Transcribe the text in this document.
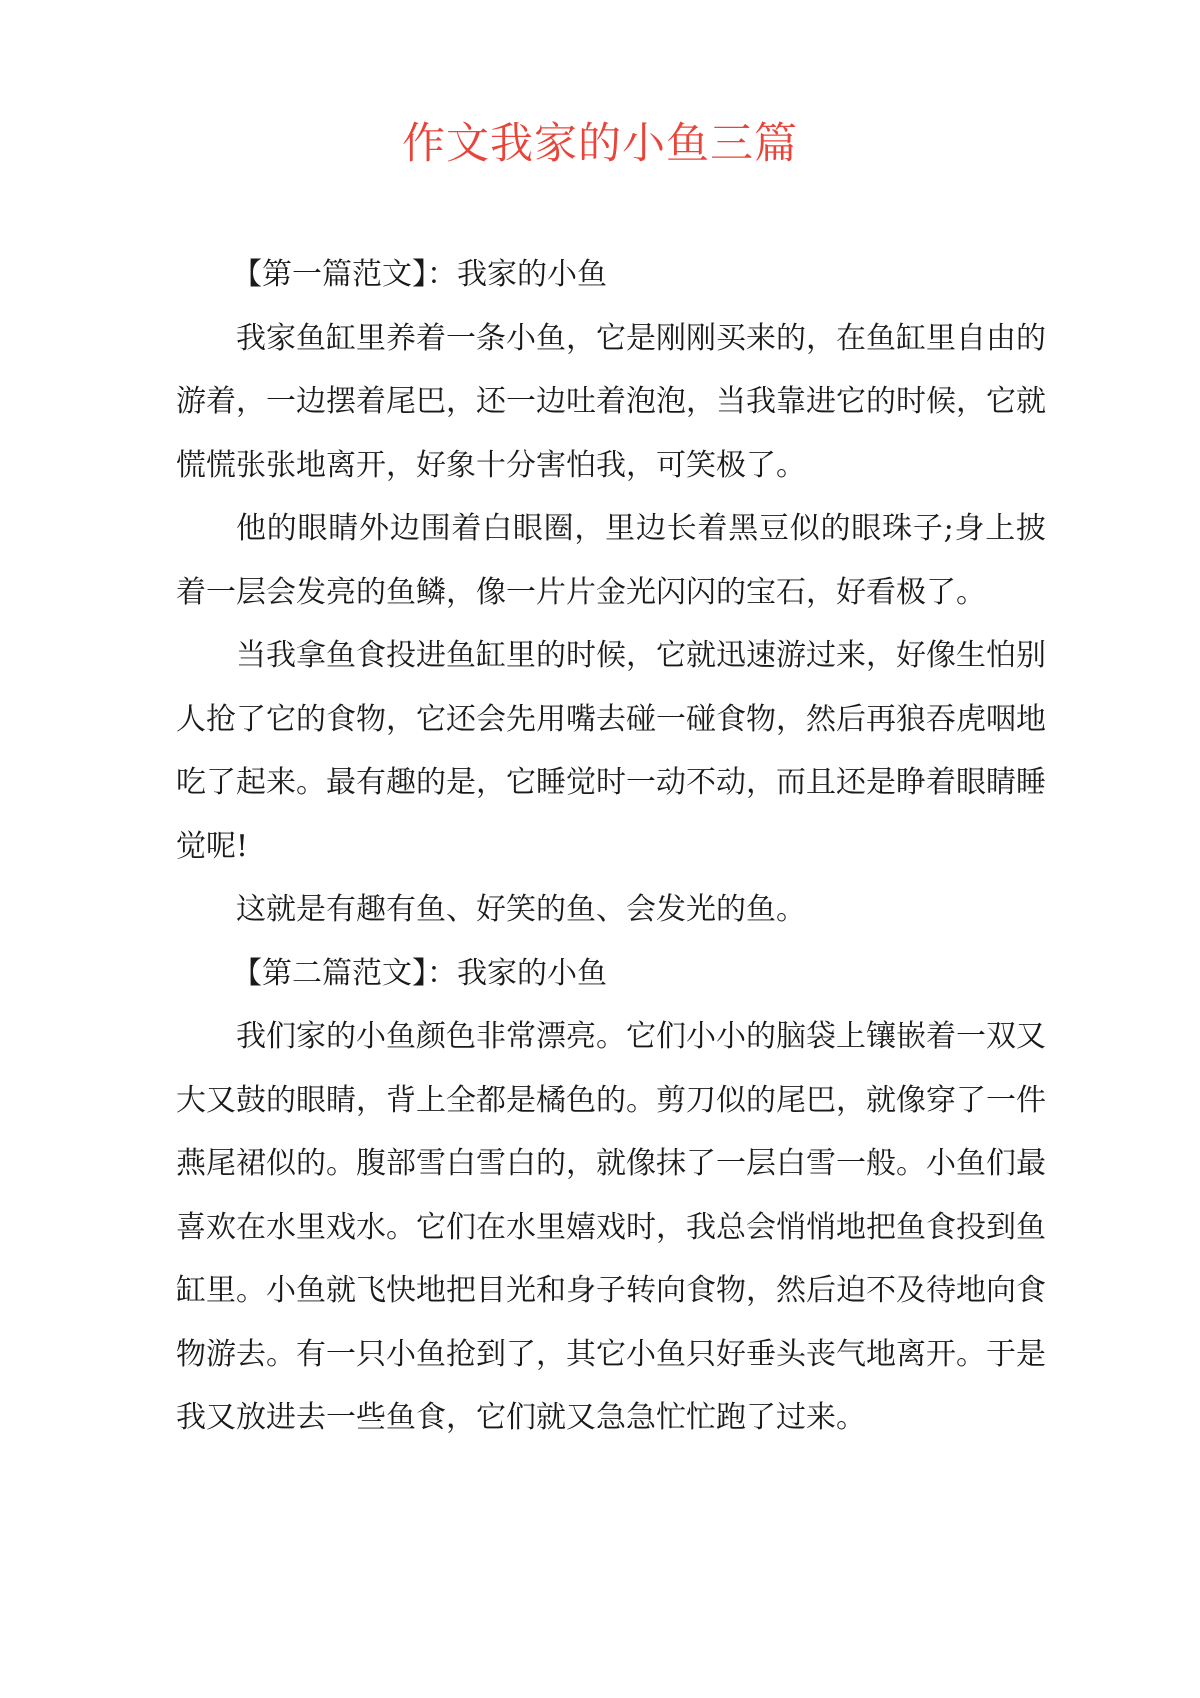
作文我家的小鱼三篇

【第一篇范文】：我家的小鱼

我家鱼缸里养着一条小鱼，它是刚刚买来的，在鱼缸里自由的游着，一边摆着尾巴，还一边吐着泡泡，当我靠进它的时候，它就慌慌张张地离开，好象十分害怕我，可笑极了。

他的眼睛外边围着白眼圈，里边长着黑豆似的眼珠子;身上披着一层会发亮的鱼鳞，像一片片金光闪闪的宝石，好看极了。

当我拿鱼食投进鱼缸里的时候，它就迅速游过来，好像生怕别人抢了它的食物，它还会先用嘴去碰一碰食物，然后再狼吞虎咽地吃了起来。最有趣的是，它睡觉时一动不动，而且还是睁着眼睛睡觉呢!

这就是有趣有鱼、好笑的鱼、会发光的鱼。

【第二篇范文】：我家的小鱼

我们家的小鱼颜色非常漂亮。它们小小的脑袋上镶嵌着一双又大又鼓的眼睛，背上全都是橘色的。剪刀似的尾巴，就像穿了一件燕尾裙似的。腹部雪白雪白的，就像抹了一层白雪一般。小鱼们最喜欢在水里戏水。它们在水里嬉戏时，我总会悄悄地把鱼食投到鱼缸里。小鱼就飞快地把目光和身子转向食物，然后迫不及待地向食物游去。有一只小鱼抢到了，其它小鱼只好垂头丧气地离开。于是我又放进去一些鱼食，它们就又急急忙忙跑了过来。
